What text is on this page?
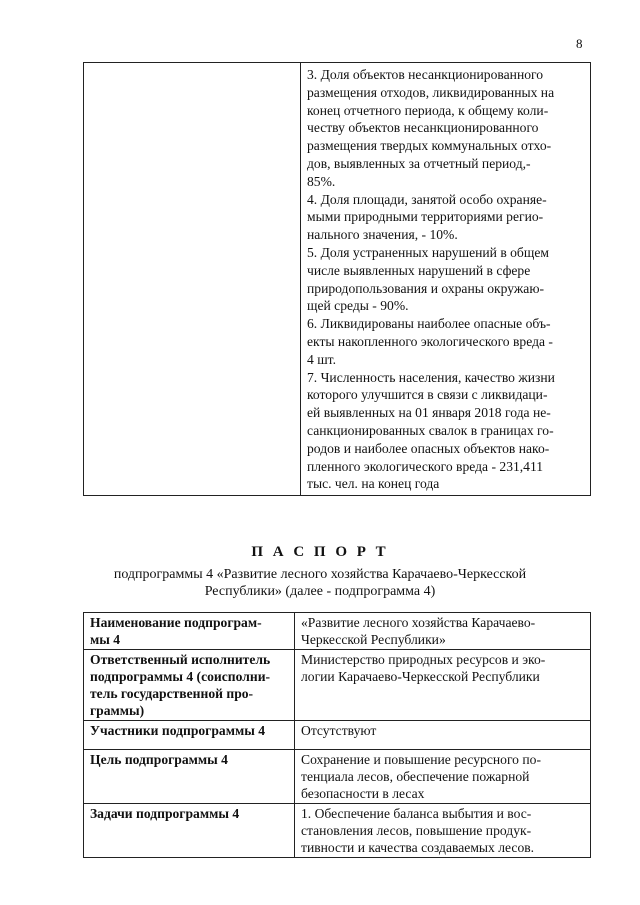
8

3. Доля объектов несанкционированного
размещения отходов, ликвидированных на
конец отчетного периода, к общему коли-
честву объектов несанкционированного
размещения твердых коммунальных отхо-
дов, выявленных за отчетный период,-
85%.
4. Доля площади, занятой особо охраняе-
мыми природными территориями регио-
нального значения, - 10%.
5. Доля устраненных нарушений в общем
числе выявленных нарушений в сфере
природопользования и охраны окружаю-
щей среды - 90%.
6. Ликвидированы наиболее опасные объ-
екты накопленного экологического вреда -
4 шт.
7. Численность населения, качество жизни
которого улучшится в связи с ликвидаци-
ей выявленных на 01 января 2018 года не-
санкционированных свалок в границах го-
родов и наиболее опасных объектов нако-
пленного экологического вреда - 231,411
тыс. чел. на конец года
П А С П О Р Т
подпрограммы 4 «Развитие лесного хозяйства Карачаево-Черкесской
Республики» (далее - подпрограмма 4)
Наименование подпрограм-
мы 4	«Развитие лесного хозяйства Карачаево-
Черкесской Республики»

Ответственный исполнитель
подпрограммы 4 (соисполни-
тель государственной про-
граммы)	Министерство природных ресурсов и эко-
логии Карачаево-Черкесской Республики

Участники подпрограммы 4	Отсутствуют

Цель подпрограммы 4	Сохранение и повышение ресурсного по-
тенциала лесов, обеспечение пожарной
безопасности в лесах

Задачи подпрограммы 4	1. Обеспечение баланса выбытия и вос-
становления лесов, повышение продук-
тивности и качества создаваемых лесов.
